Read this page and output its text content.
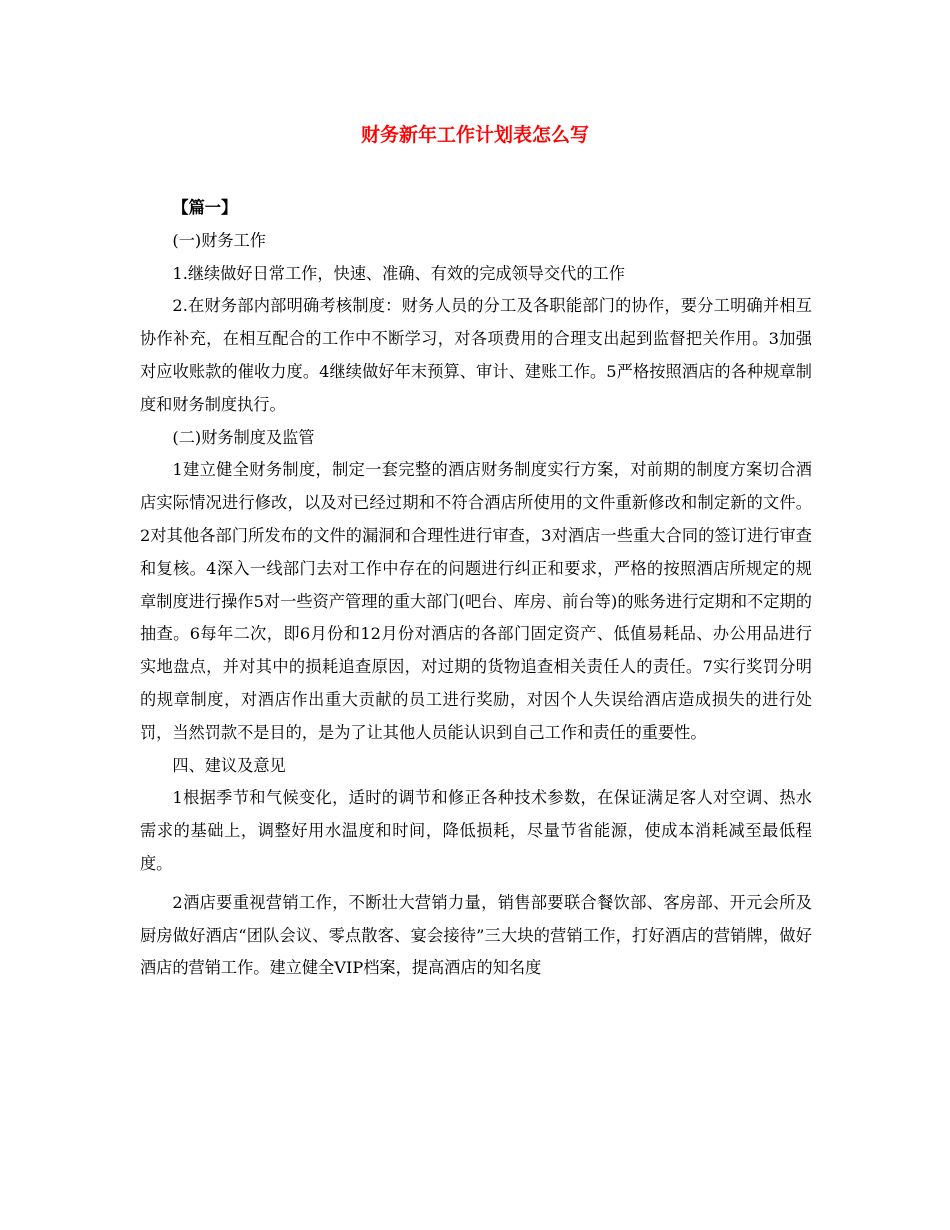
财务新年工作计划表怎么写

【篇一】

(一)财务工作

1.继续做好日常工作，快速、准确、有效的完成领导交代的工作

2.在财务部内部明确考核制度：财务人员的分工及各职能部门的协作，要分工明确并相互协作补充，在相互配合的工作中不断学习，对各项费用的合理支出起到监督把关作用。3加强对应收账款的催收力度。4继续做好年末预算、审计、建账工作。5严格按照酒店的各种规章制度和财务制度执行。

(二)财务制度及监管

1建立健全财务制度，制定一套完整的酒店财务制度实行方案，对前期的制度方案切合酒店实际情况进行修改，以及对已经过期和不符合酒店所使用的文件重新修改和制定新的文件。2对其他各部门所发布的文件的漏洞和合理性进行审查，3对酒店一些重大合同的签订进行审查和复核。4深入一线部门去对工作中存在的问题进行纠正和要求，严格的按照酒店所规定的规章制度进行操作5对一些资产管理的重大部门(吧台、库房、前台等)的账务进行定期和不定期的抽查。6每年二次，即6月份和12月份对酒店的各部门固定资产、低值易耗品、办公用品进行实地盘点，并对其中的损耗追查原因，对过期的货物追查相关责任人的责任。7实行奖罚分明的规章制度，对酒店作出重大贡献的员工进行奖励，对因个人失误给酒店造成损失的进行处罚，当然罚款不是目的，是为了让其他人员能认识到自己工作和责任的重要性。

四、建议及意见

1根据季节和气候变化，适时的调节和修正各种技术参数，在保证满足客人对空调、热水需求的基础上，调整好用水温度和时间，降低损耗，尽量节省能源，使成本消耗减至最低程度。

2酒店要重视营销工作，不断壮大营销力量，销售部要联合餐饮部、客房部、开元会所及厨房做好酒店“团队会议、零点散客、宴会接待”三大块的营销工作，打好酒店的营销牌，做好酒店的营销工作。建立健全VIP档案，提高酒店的知名度
